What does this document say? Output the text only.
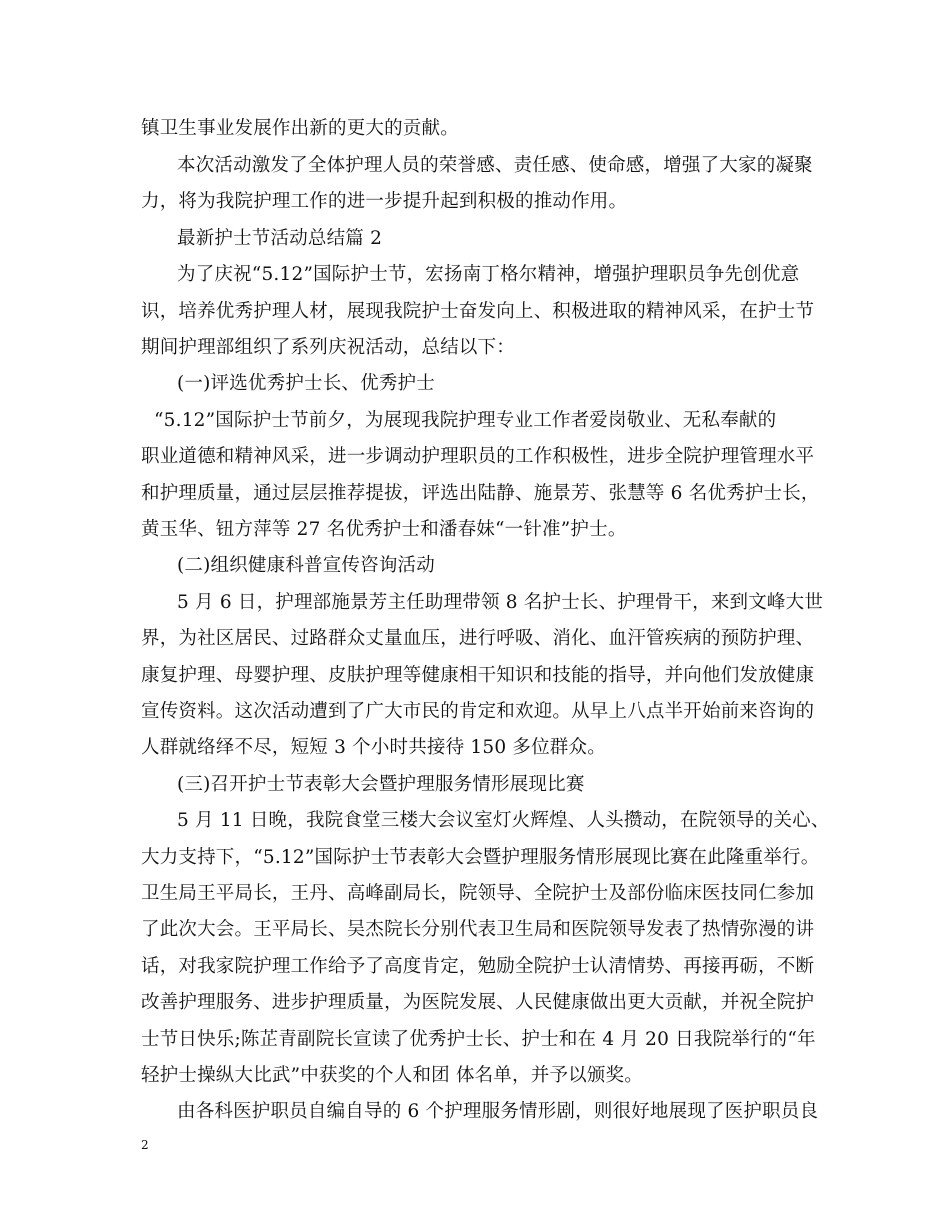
镇卫生事业发展作出新的更大的贡献。
本次活动激发了全体护理人员的荣誉感、责任感、使命感，增强了大家的凝聚
力，将为我院护理工作的进一步提升起到积极的推动作用。
最新护士节活动总结篇 2
为了庆祝“5.12”国际护士节，宏扬南丁格尔精神，增强护理职员争先创优意
识，培养优秀护理人材，展现我院护士奋发向上、积极进取的精神风采，在护士节
期间护理部组织了系列庆祝活动，总结以下：
(一)评选优秀护士长、优秀护士
“5.12”国际护士节前夕，为展现我院护理专业工作者爱岗敬业、无私奉献的
职业道德和精神风采，进一步调动护理职员的工作积极性，进步全院护理管理水平
和护理质量，通过层层推荐提拔，评选出陆静、施景芳、张慧等 6 名优秀护士长，
黄玉华、钮方萍等 27 名优秀护士和潘春妹“一针准”护士。
(二)组织健康科普宣传咨询活动
5 月 6 日，护理部施景芳主任助理带领 8 名护士长、护理骨干，来到文峰大世
界，为社区居民、过路群众丈量血压，进行呼吸、消化、血汗管疾病的预防护理、
康复护理、母婴护理、皮肤护理等健康相干知识和技能的指导，并向他们发放健康
宣传资料。这次活动遭到了广大市民的肯定和欢迎。从早上八点半开始前来咨询的
人群就络绎不尽，短短 3 个小时共接待 150 多位群众。
(三)召开护士节表彰大会暨护理服务情形展现比赛
5 月 11 日晚，我院食堂三楼大会议室灯火辉煌、人头攒动，在院领导的关心、
大力支持下，“5.12”国际护士节表彰大会暨护理服务情形展现比赛在此隆重举行。
卫生局王平局长，王丹、高峰副局长，院领导、全院护士及部份临床医技同仁参加
了此次大会。王平局长、吴杰院长分别代表卫生局和医院领导发表了热情弥漫的讲
话，对我家院护理工作给予了高度肯定，勉励全院护士认清情势、再接再砺，不断
改善护理服务、进步护理质量，为医院发展、人民健康做出更大贡献，并祝全院护
士节日快乐;陈芷青副院长宣读了优秀护士长、护士和在 4 月 20 日我院举行的“年
轻护士操纵大比武”中获奖的个人和团 体名单，并予以颁奖。
由各科医护职员自编自导的 6 个护理服务情形剧，则很好地展现了医护职员良
2
